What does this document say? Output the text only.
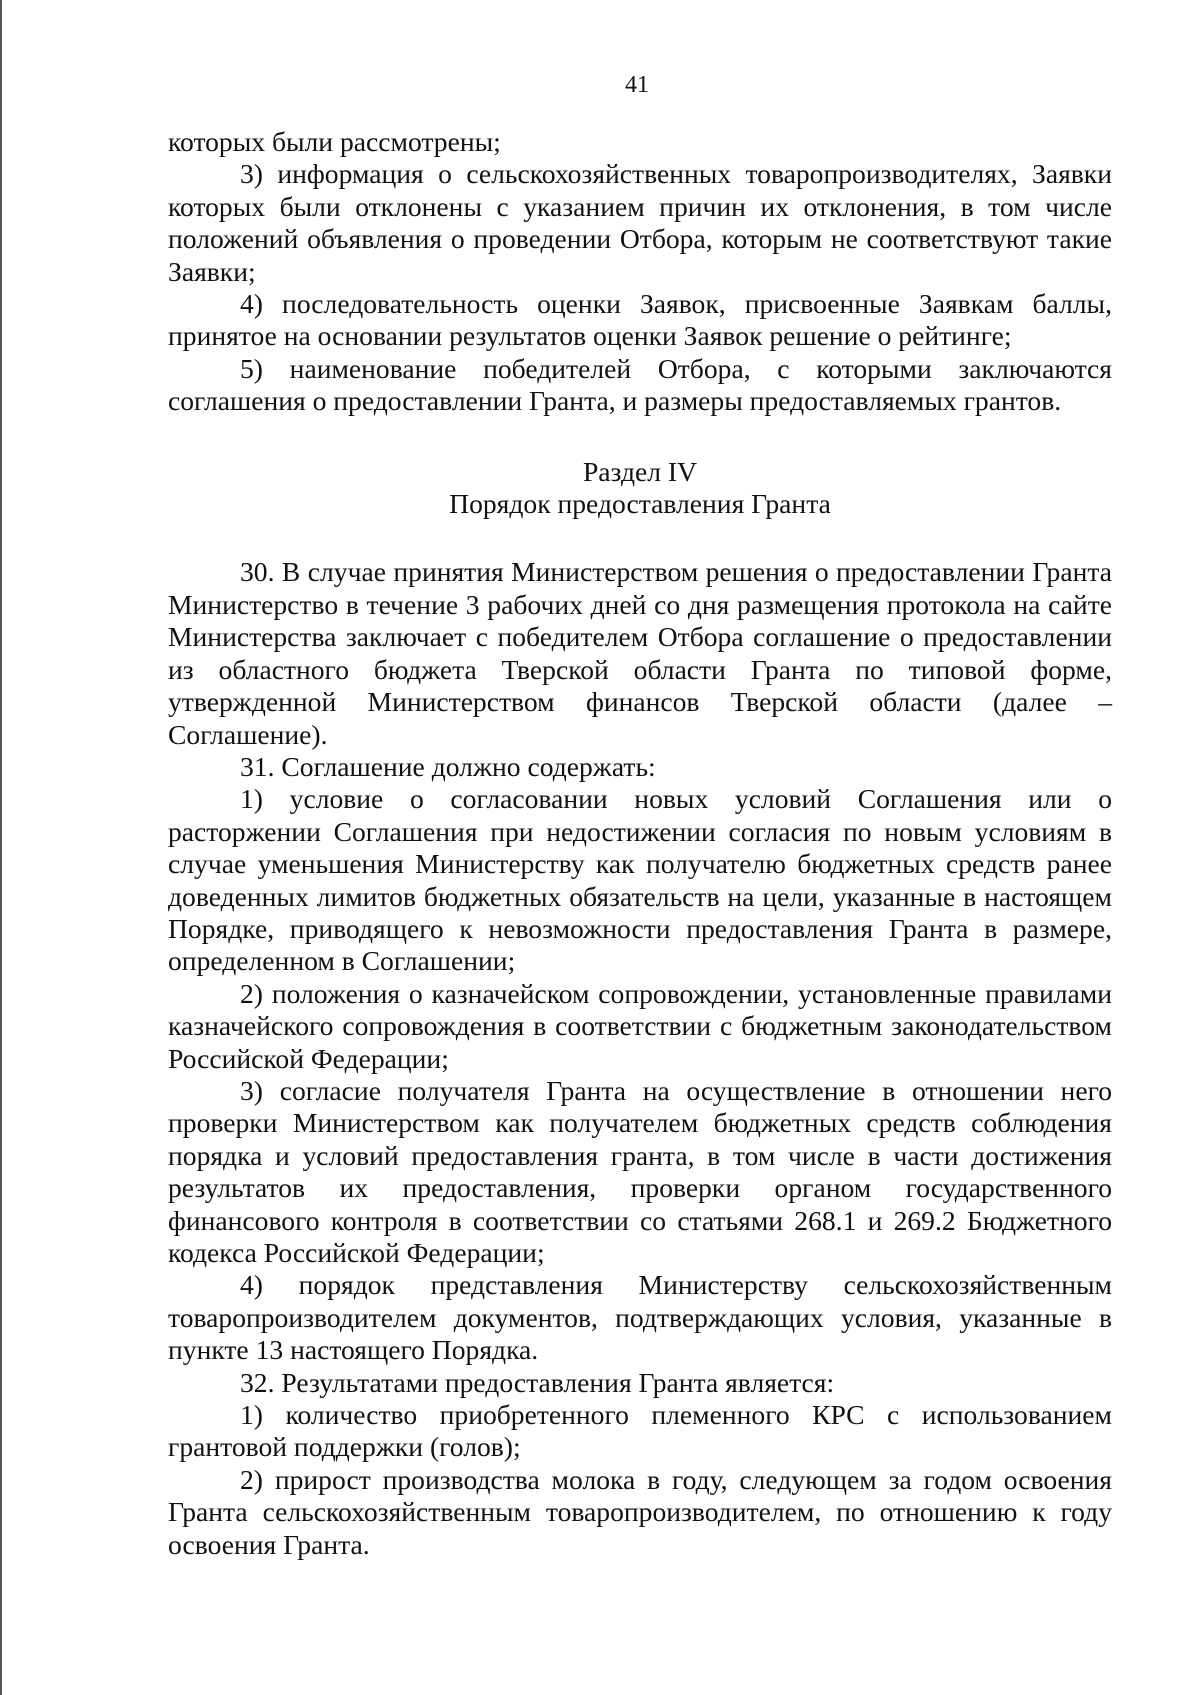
41

которых были рассмотрены;

3) информация о сельскохозяйственных товаропроизводителях, Заявки которых были отклонены с указанием причин их отклонения, в том числе положений объявления о проведении Отбора, которым не соответствуют такие Заявки;

4) последовательность оценки Заявок, присвоенные Заявкам баллы, принятое на основании результатов оценки Заявок решение о рейтинге;

5) наименование победителей Отбора, с которыми заключаются соглашения о предоставлении Гранта, и размеры предоставляемых грантов.

Раздел IV

Порядок предоставления Гранта

30. В случае принятия Министерством решения о предоставлении Гранта Министерство в течение 3 рабочих дней со дня размещения протокола на сайте Министерства заключает с победителем Отбора соглашение о предоставлении из областного бюджета Тверской области Гранта по типовой форме, утвержденной Министерством финансов Тверской области (далее – Соглашение).

31. Соглашение должно содержать:

1) условие о согласовании новых условий Соглашения или о расторжении Соглашения при недостижении согласия по новым условиям в случае уменьшения Министерству как получателю бюджетных средств ранее доведенных лимитов бюджетных обязательств на цели, указанные в настоящем Порядке, приводящего к невозможности предоставления Гранта в размере, определенном в Соглашении;

2) положения о казначейском сопровождении, установленные правилами казначейского сопровождения в соответствии с бюджетным законодательством Российской Федерации;

3) согласие получателя Гранта на осуществление в отношении него проверки Министерством как получателем бюджетных средств соблюдения порядка и условий предоставления гранта, в том числе в части достижения результатов их предоставления, проверки органом государственного финансового контроля в соответствии со статьями 268.1 и 269.2 Бюджетного кодекса Российской Федерации;

4) порядок представления Министерству сельскохозяйственным товаропроизводителем документов, подтверждающих условия, указанные в пункте 13 настоящего Порядка.

32. Результатами предоставления Гранта является:

1) количество приобретенного племенного КРС с использованием грантовой поддержки (голов);

2) прирост производства молока в году, следующем за годом освоения Гранта сельскохозяйственным товаропроизводителем, по отношению к году освоения Гранта.
